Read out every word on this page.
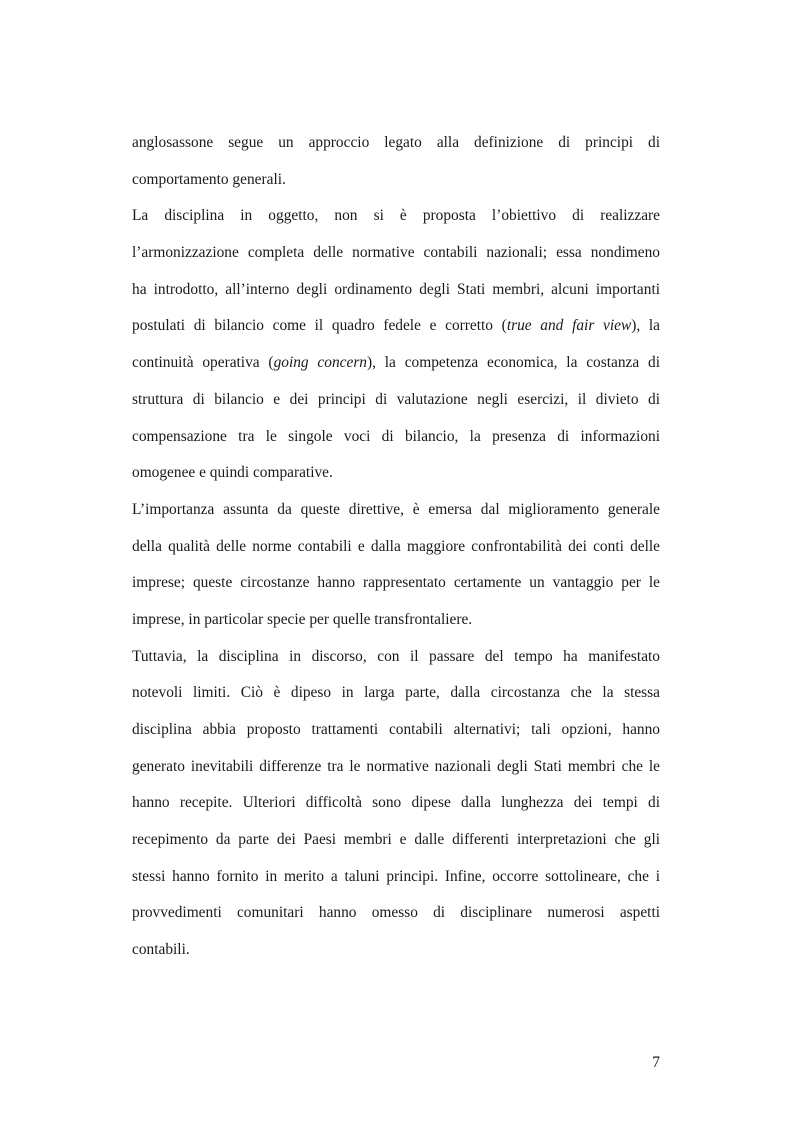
anglosassone segue un approccio legato alla definizione di principi di
comportamento generali.
La disciplina in oggetto, non si è proposta l’obiettivo di realizzare
l’armonizzazione completa delle normative contabili nazionali; essa nondimeno
ha introdotto, all’interno degli ordinamento degli Stati membri, alcuni importanti
postulati di bilancio come il quadro fedele e corretto (true and fair view), la
continuità operativa (going concern), la competenza economica, la costanza di
struttura di bilancio e dei principi di valutazione negli esercizi, il divieto di
compensazione tra le singole voci di bilancio, la presenza di informazioni
omogenee e quindi comparative.
L’importanza assunta da queste direttive, è emersa dal miglioramento generale
della qualità delle norme contabili e dalla maggiore confrontabilità dei conti delle
imprese; queste circostanze hanno rappresentato certamente un vantaggio per le
imprese, in particolar specie per quelle transfrontaliere.
Tuttavia, la disciplina in discorso, con il passare del tempo ha manifestato
notevoli limiti. Ciò è dipeso in larga parte, dalla circostanza che la stessa
disciplina abbia proposto trattamenti contabili alternativi; tali opzioni, hanno
generato inevitabili differenze tra le normative nazionali degli Stati membri che le
hanno recepite. Ulteriori difficoltà sono dipese dalla lunghezza dei tempi di
recepimento da parte dei Paesi membri e dalle differenti interpretazioni che gli
stessi hanno fornito in merito a taluni principi. Infine, occorre sottolineare, che i
provvedimenti comunitari hanno omesso di disciplinare numerosi aspetti
contabili.
7
